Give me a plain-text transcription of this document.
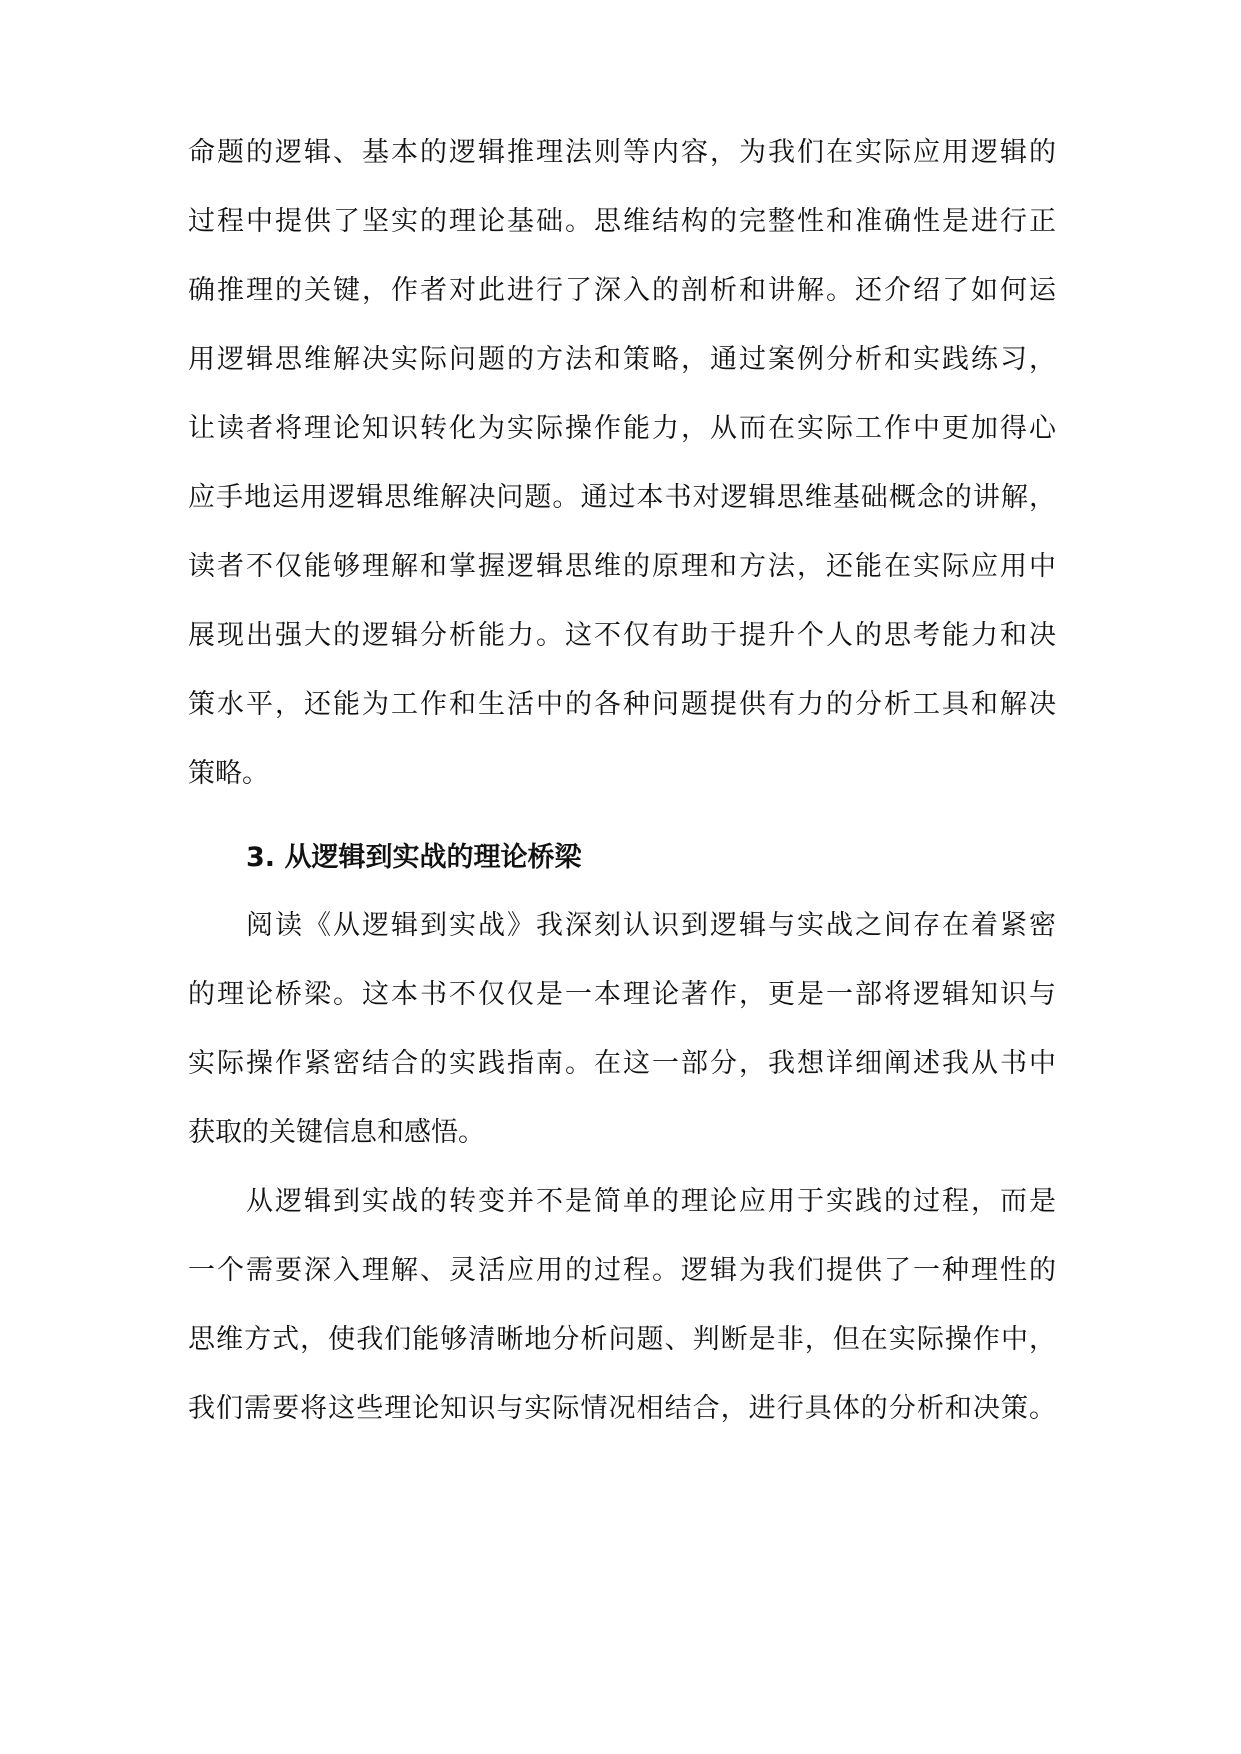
命题的逻辑、基本的逻辑推理法则等内容，为我们在实际应用逻辑的
过程中提供了坚实的理论基础。思维结构的完整性和准确性是进行正
确推理的关键，作者对此进行了深入的剖析和讲解。还介绍了如何运
用逻辑思维解决实际问题的方法和策略，通过案例分析和实践练习，
让读者将理论知识转化为实际操作能力，从而在实际工作中更加得心
应手地运用逻辑思维解决问题。通过本书对逻辑思维基础概念的讲解，
读者不仅能够理解和掌握逻辑思维的原理和方法，还能在实际应用中
展现出强大的逻辑分析能力。这不仅有助于提升个人的思考能力和决
策水平，还能为工作和生活中的各种问题提供有力的分析工具和解决
策略。
3. 从逻辑到实战的理论桥梁
阅读《从逻辑到实战》我深刻认识到逻辑与实战之间存在着紧密
的理论桥梁。这本书不仅仅是一本理论著作，更是一部将逻辑知识与
实际操作紧密结合的实践指南。在这一部分，我想详细阐述我从书中
获取的关键信息和感悟。
从逻辑到实战的转变并不是简单的理论应用于实践的过程，而是
一个需要深入理解、灵活应用的过程。逻辑为我们提供了一种理性的
思维方式，使我们能够清晰地分析问题、判断是非，但在实际操作中，
我们需要将这些理论知识与实际情况相结合，进行具体的分析和决策。
